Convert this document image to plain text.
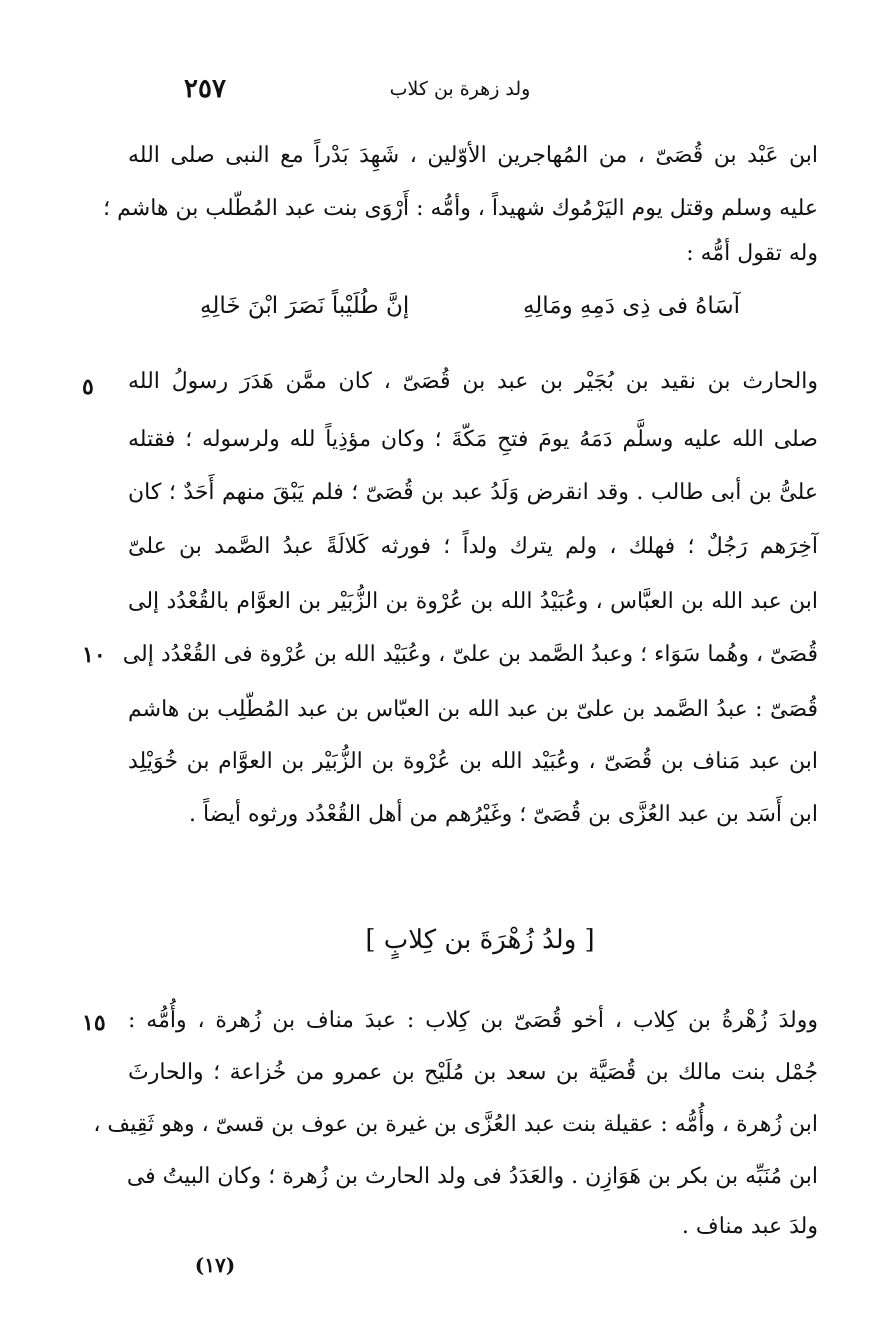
ولد زهرة بن كلاب
٢٥٧
ابن عَبْد بن قُصَىّ ، من المُهاجرين الأوّلين ، شَهِدَ بَدْراً مع النبى صلى الله
عليه وسلم وقتل يوم اليَرْمُوك شهيداً ، وأمُّه : أَرْوَى بنت عبد المُطّلب بن هاشم ؛
وله تقول أمُّه :
إنَّ طُلَيْباً نَصَرَ ابْنَ خَالِهِ	آسَاهُ فى ذِى دَمِهِ ومَالِهِ
والحارث بن نقيد بن بُجَيْر بن عبد بن قُصَىّ ، كان ممَّن هَدَرَ رسولُ الله
صلى الله عليه وسلَّم دَمَهُ يومَ فتحِ مَكّةَ ؛ وكان مؤذِياً لله ولرسوله ؛ فقتله
علىُّ بن أبى طالب . وقد انقرض وَلَدُ عبد بن قُصَىّ ؛ فلم يَبْقَ منهم أَحَدٌ ؛ كان
آخِرَهم رَجُلٌ ؛ فهلك ، ولم يترك ولداً ؛ فورثه كَلالَةً عبدُ الصَّمد بن علىّ
ابن عبد الله بن العبَّاس ، وعُبَيْدُ الله بن عُرْوة بن الزُّبَيْر بن العوَّام بالقُعْدُد إلى
قُصَىّ ، وهُما سَوَاء ؛ وعبدُ الصَّمد بن علىّ ، وعُبَيْد الله بن عُرْوة فى القُعْدُد إلى
قُصَىّ : عبدُ الصَّمد بن علىّ بن عبد الله بن العبّاس بن عبد المُطّلِب بن هاشم
ابن عبد مَناف بن قُصَىّ ، وعُبَيْد الله بن عُرْوة بن الزُّبَيْر بن العوَّام بن خُوَيْلِد
ابن أَسَد بن عبد العُزَّى بن قُصَىّ ؛ وغَيْرُهم من أهل القُعْدُد ورثوه أيضاً .
٥
١٠
[ ولدُ زُهْرَةَ بن كِلابٍ ]
وولدَ زُهْرةُ بن كِلاب ، أخو قُصَىّ بن كِلاب : عبدَ مناف بن زُهرة ، وأُمُّه :
جُمْل بنت مالك بن قُصَيَّة بن سعد بن مُلَيْح بن عمرو من خُزاعة ؛ والحارثَ
ابن زُهرة ، وأُمُّه : عقيلة بنت عبد العُزَّى بن غيرة بن عوف بن قسىّ ، وهو ثَقِيف ،
ابن مُنَبِّه بن بكر بن هَوَازِن . والعَدَدُ فى ولد الحارث بن زُهرة ؛ وكان البيتُ فى
ولدَ عبد مناف .
١٥
(١٧)
